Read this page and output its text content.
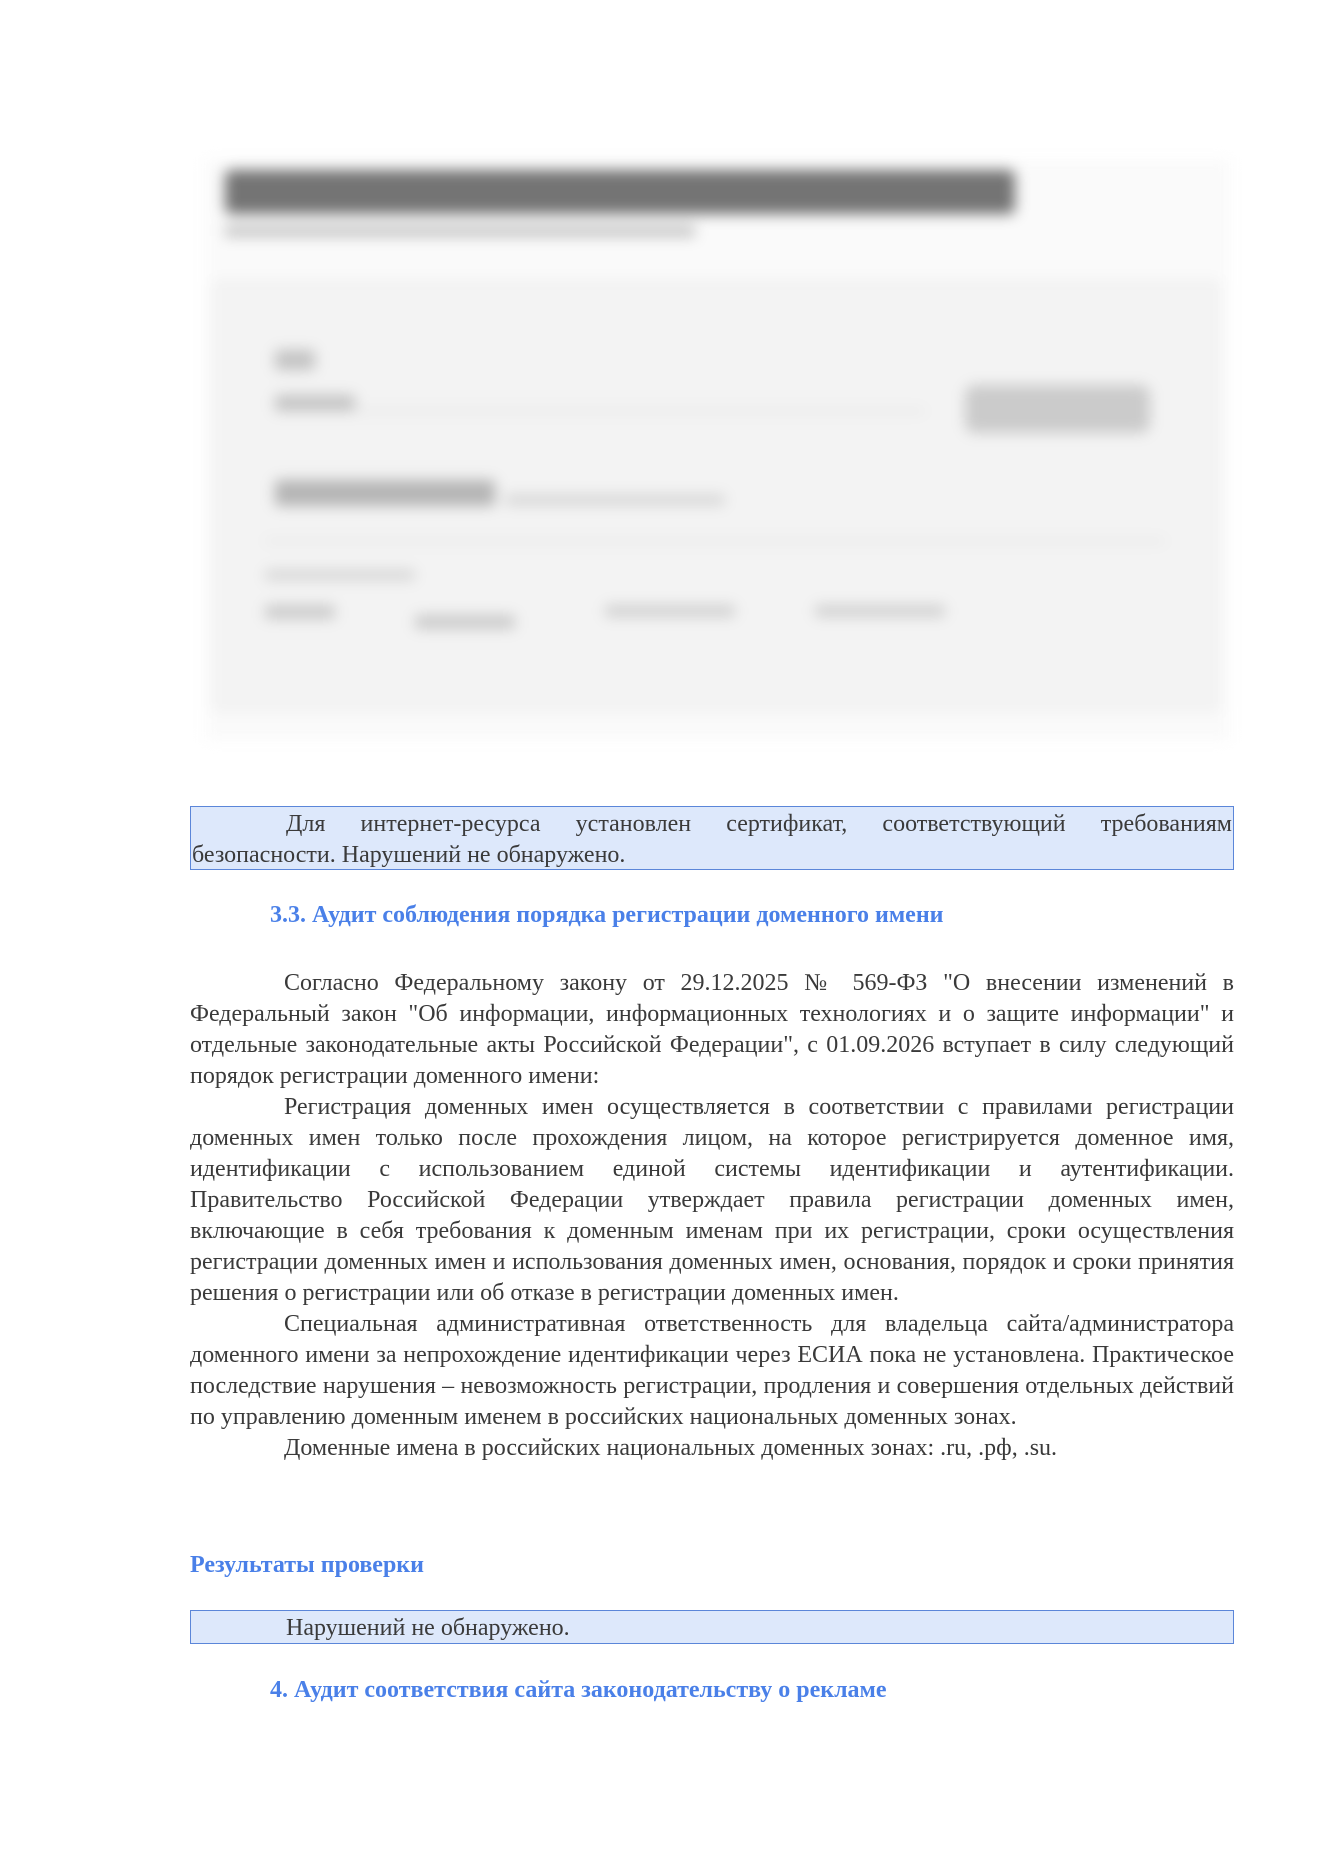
Для интернет-ресурса установлен сертификат, соответствующий требованиям безопасности. Нарушений не обнаружено.

3.3. Аудит соблюдения порядка регистрации доменного имени

Согласно Федеральному закону от 29.12.2025 № 569-ФЗ "О внесении изменений в Федеральный закон "Об информации, информационных технологиях и о защите информации" и отдельные законодательные акты Российской Федерации", с 01.09.2026 вступает в силу следующий порядок регистрации доменного имени:

Регистрация доменных имен осуществляется в соответствии с правилами регистрации доменных имен только после прохождения лицом, на которое регистрируется доменное имя, идентификации с использованием единой системы идентификации и аутентификации. Правительство Российской Федерации утверждает правила регистрации доменных имен, включающие в себя требования к доменным именам при их регистрации, сроки осуществления регистрации доменных имен и использования доменных имен, основания, порядок и сроки принятия решения о регистрации или об отказе в регистрации доменных имен.

Специальная административная ответственность для владельца сайта/администратора доменного имени за непрохождение идентификации через ЕСИА пока не установлена. Практическое последствие нарушения – невозможность регистрации, продления и совершения отдельных действий по управлению доменным именем в российских национальных доменных зонах.

Доменные имена в российских национальных доменных зонах: .ru, .рф, .su.

Результаты проверки

Нарушений не обнаружено.

4. Аудит соответствия сайта законодательству о рекламе
